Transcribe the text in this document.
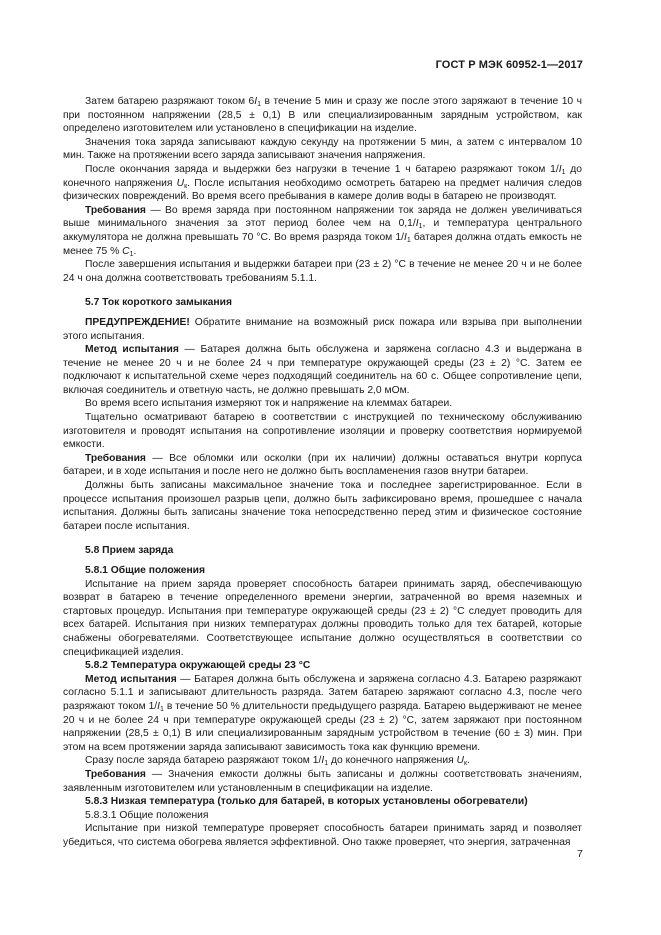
ГОСТ Р МЭК 60952-1—2017

Затем батарею разряжают током $6I_1$ в течение 5 мин и сразу же после этого заряжают в течение 10 ч при постоянном напряжении (28,5 ± 0,1) В или специализированным зарядным устройством, как определено изготовителем или установлено в спецификации на изделие.

Значения тока заряда записывают каждую секунду на протяжении 5 мин, а затем с интервалом 10 мин. Также на протяжении всего заряда записывают значения напряжения.

После окончания заряда и выдержки без нагрузки в течение 1 ч батарею разряжают током $1/I_1$ до конечного напряжения $U_к$. После испытания необходимо осмотреть батарею на предмет наличия следов физических повреждений. Во время всего пребывания в камере долив воды в батарею не производят.

Требования — Во время заряда при постоянном напряжении ток заряда не должен увеличиваться выше минимального значения за этот период более чем на $0,1/I_1$, и температура центрального аккумулятора не должна превышать 70 °С. Во время разряда током $1/I_1$ батарея должна отдать емкость не менее 75 % $C_1$.

После завершения испытания и выдержки батареи при (23 ± 2) °С в течение не менее 20 ч и не более 24 ч она должна соответствовать требованиям 5.1.1.

5.7 Ток короткого замыкания

ПРЕДУПРЕЖДЕНИЕ! Обратите внимание на возможный риск пожара или взрыва при выполнении этого испытания.

Метод испытания — Батарея должна быть обслужена и заряжена согласно 4.3 и выдержана в течение не менее 20 ч и не более 24 ч при температуре окружающей среды (23 ± 2) °С. Затем ее подключают к испытательной схеме через подходящий соединитель на 60 с. Общее сопротивление цепи, включая соединитель и ответную часть, не должно превышать 2,0 мОм.

Во время всего испытания измеряют ток и напряжение на клеммах батареи.

Тщательно осматривают батарею в соответствии с инструкцией по техническому обслуживанию изготовителя и проводят испытания на сопротивление изоляции и проверку соответствия нормируемой емкости.

Требования — Все обломки или осколки (при их наличии) должны оставаться внутри корпуса батареи, и в ходе испытания и после него не должно быть воспламенения газов внутри батареи.

Должны быть записаны максимальное значение тока и последнее зарегистрированное. Если в процессе испытания произошел разрыв цепи, должно быть зафиксировано время, прошедшее с начала испытания. Должны быть записаны значение тока непосредственно перед этим и физическое состояние батареи после испытания.

5.8 Прием заряда

5.8.1 Общие положения

Испытание на прием заряда проверяет способность батареи принимать заряд, обеспечивающую возврат в батарею в течение определенного времени энергии, затраченной во время наземных и стартовых процедур. Испытания при температуре окружающей среды (23 ± 2) °С следует проводить для всех батарей. Испытания при низких температурах должны проводить только для тех батарей, которые снабжены обогревателями. Соответствующее испытание должно осуществляться в соответствии со спецификацией изделия.

5.8.2 Температура окружающей среды 23 °С

Метод испытания — Батарея должна быть обслужена и заряжена согласно 4.3. Батарею разряжают согласно 5.1.1 и записывают длительность разряда. Затем батарею заряжают согласно 4.3, после чего разряжают током $1/I_1$ в течение 50 % длительности предыдущего разряда. Батарею выдерживают не менее 20 ч и не более 24 ч при температуре окружающей среды (23 ± 2) °С, затем заряжают при постоянном напряжении (28,5 ± 0,1) В или специализированным зарядным устройством в течение (60 ± 3) мин. При этом на всем протяжении заряда записывают зависимость тока как функцию времени.

Сразу после заряда батарею разряжают током $1/I_1$ до конечного напряжения $U_к$.

Требования — Значения емкости должны быть записаны и должны соответствовать значениям, заявленным изготовителем или установленным в спецификации на изделие.

5.8.3 Низкая температура (только для батарей, в которых установлены обогреватели)

5.8.3.1 Общие положения

Испытание при низкой температуре проверяет способность батареи принимать заряд и позволяет убедиться, что система обогрева является эффективной. Оно также проверяет, что энергия, затраченная

7
